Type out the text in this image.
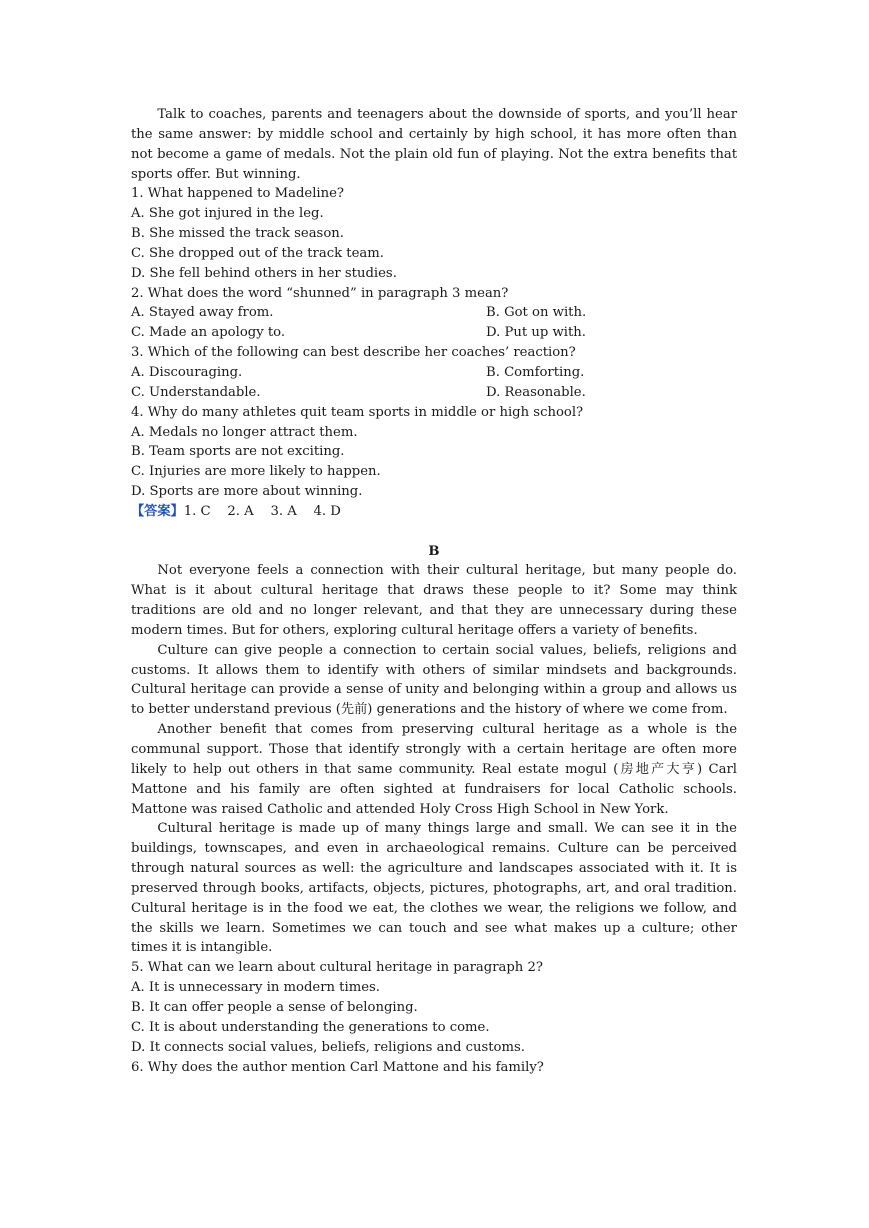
Talk to coaches, parents and teenagers about the downside of sports, and you’ll hear the same answer: by middle school and certainly by high school, it has more often than not become a game of medals. Not the plain old fun of playing. Not the extra benefits that sports offer. But winning.

1. What happened to Madeline?

A. She got injured in the leg.

B. She missed the track season.

C. She dropped out of the track team.

D. She fell behind others in her studies.

2. What does the word “shunned” in paragraph 3 mean?

A. Stayed away from.	B. Got on with.
C. Made an apology to.	D. Put up with.

3. Which of the following can best describe her coaches’ reaction?

A. Discouraging.	B. Comforting.
C. Understandable.	D. Reasonable.

4. Why do many athletes quit team sports in middle or high school?

A. Medals no longer attract them.

B. Team sports are not exciting.

C. Injuries are more likely to happen.

D. Sports are more about winning.

【答案】1. C    2. A    3. A    4. D

B

Not everyone feels a connection with their cultural heritage, but many people do. What is it about cultural heritage that draws these people to it? Some may think traditions are old and no longer relevant, and that they are unnecessary during these modern times. But for others, exploring cultural heritage offers a variety of benefits.

Culture can give people a connection to certain social values, beliefs, religions and customs. It allows them to identify with others of similar mindsets and backgrounds. Cultural heritage can provide a sense of unity and belonging within a group and allows us to better understand previous (先前) generations and the history of where we come from.

Another benefit that comes from preserving cultural heritage as a whole is the communal support. Those that identify strongly with a certain heritage are often more likely to help out others in that same community. Real estate mogul (房地产大亨) Carl Mattone and his family are often sighted at fundraisers for local Catholic schools. Mattone was raised Catholic and attended Holy Cross High School in New York.

Cultural heritage is made up of many things large and small. We can see it in the buildings, townscapes, and even in archaeological remains. Culture can be perceived through natural sources as well: the agriculture and landscapes associated with it. It is preserved through books, artifacts, objects, pictures, photographs, art, and oral tradition. Cultural heritage is in the food we eat, the clothes we wear, the religions we follow, and the skills we learn. Sometimes we can touch and see what makes up a culture; other times it is intangible.

5. What can we learn about cultural heritage in paragraph 2?

A. It is unnecessary in modern times.

B. It can offer people a sense of belonging.

C. It is about understanding the generations to come.

D. It connects social values, beliefs, religions and customs.

6. Why does the author mention Carl Mattone and his family?
